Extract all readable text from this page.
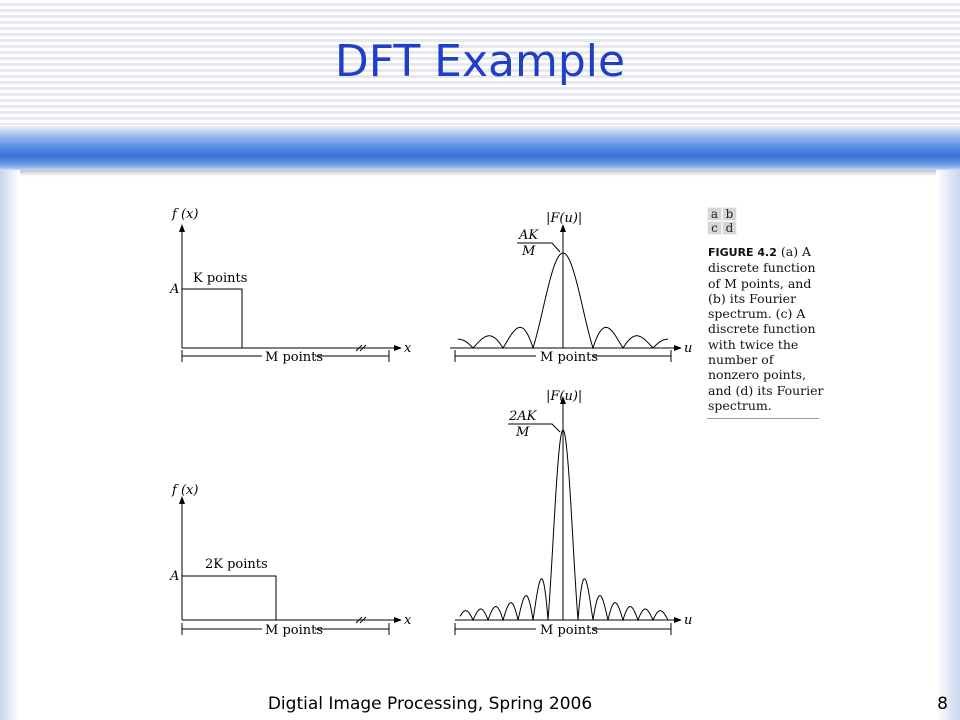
DFT Example
f (x)
A
K points
x
M points
f (x)
A
2K points
x
M points
|F(u)|
AK
M
u
M points
|F(u)|
2AK
M
u
M points
a b
c d
FIGURE 4.2 (a) A discrete function of M points, and (b) its Fourier spectrum. (c) A discrete function with twice the number of nonzero points, and (d) its Fourier spectrum.
Digtial Image Processing, Spring 2006	8
